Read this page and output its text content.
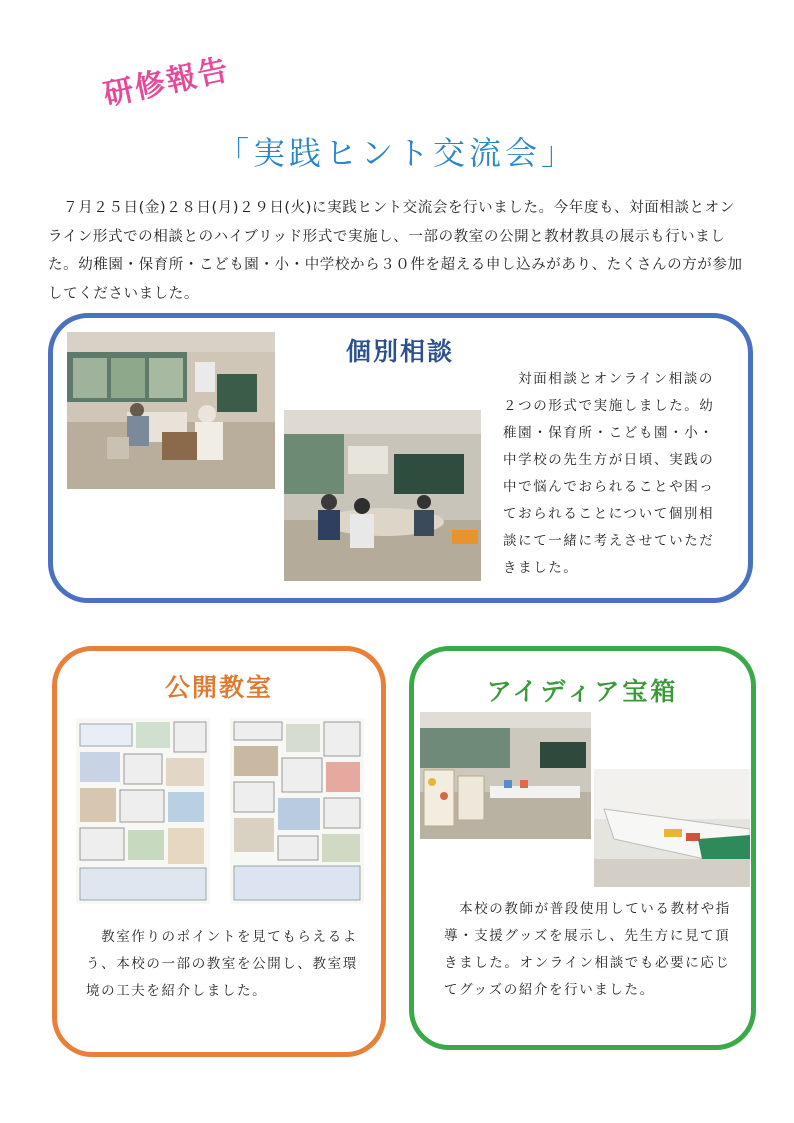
研修報告
「実践ヒント交流会」
　７月２５日(金)２８日(月)２９日(火)に実践ヒント交流会を行いました。今年度も、対面相談とオンライン形式での相談とのハイブリッド形式で実施し、一部の教室の公開と教材教具の展示も行いました。幼稚園・保育所・こども園・小・中学校から３０件を超える申し込みがあり、たくさんの方が参加してくださいました。
個別相談
　対面相談とオンライン相談の２つの形式で実施しました。幼稚園・保育所・こども園・小・中学校の先生方が日頃、実践の中で悩んでおられることや困っておられることについて個別相談にて一緒に考えさせていただきました。
公開教室
　教室作りのポイントを見てもらえるよう、本校の一部の教室を公開し、教室環境の工夫を紹介しました。
アイディア宝箱
　本校の教師が普段使用している教材や指導・支援グッズを展示し、先生方に見て頂きました。オンライン相談でも必要に応じてグッズの紹介を行いました。
